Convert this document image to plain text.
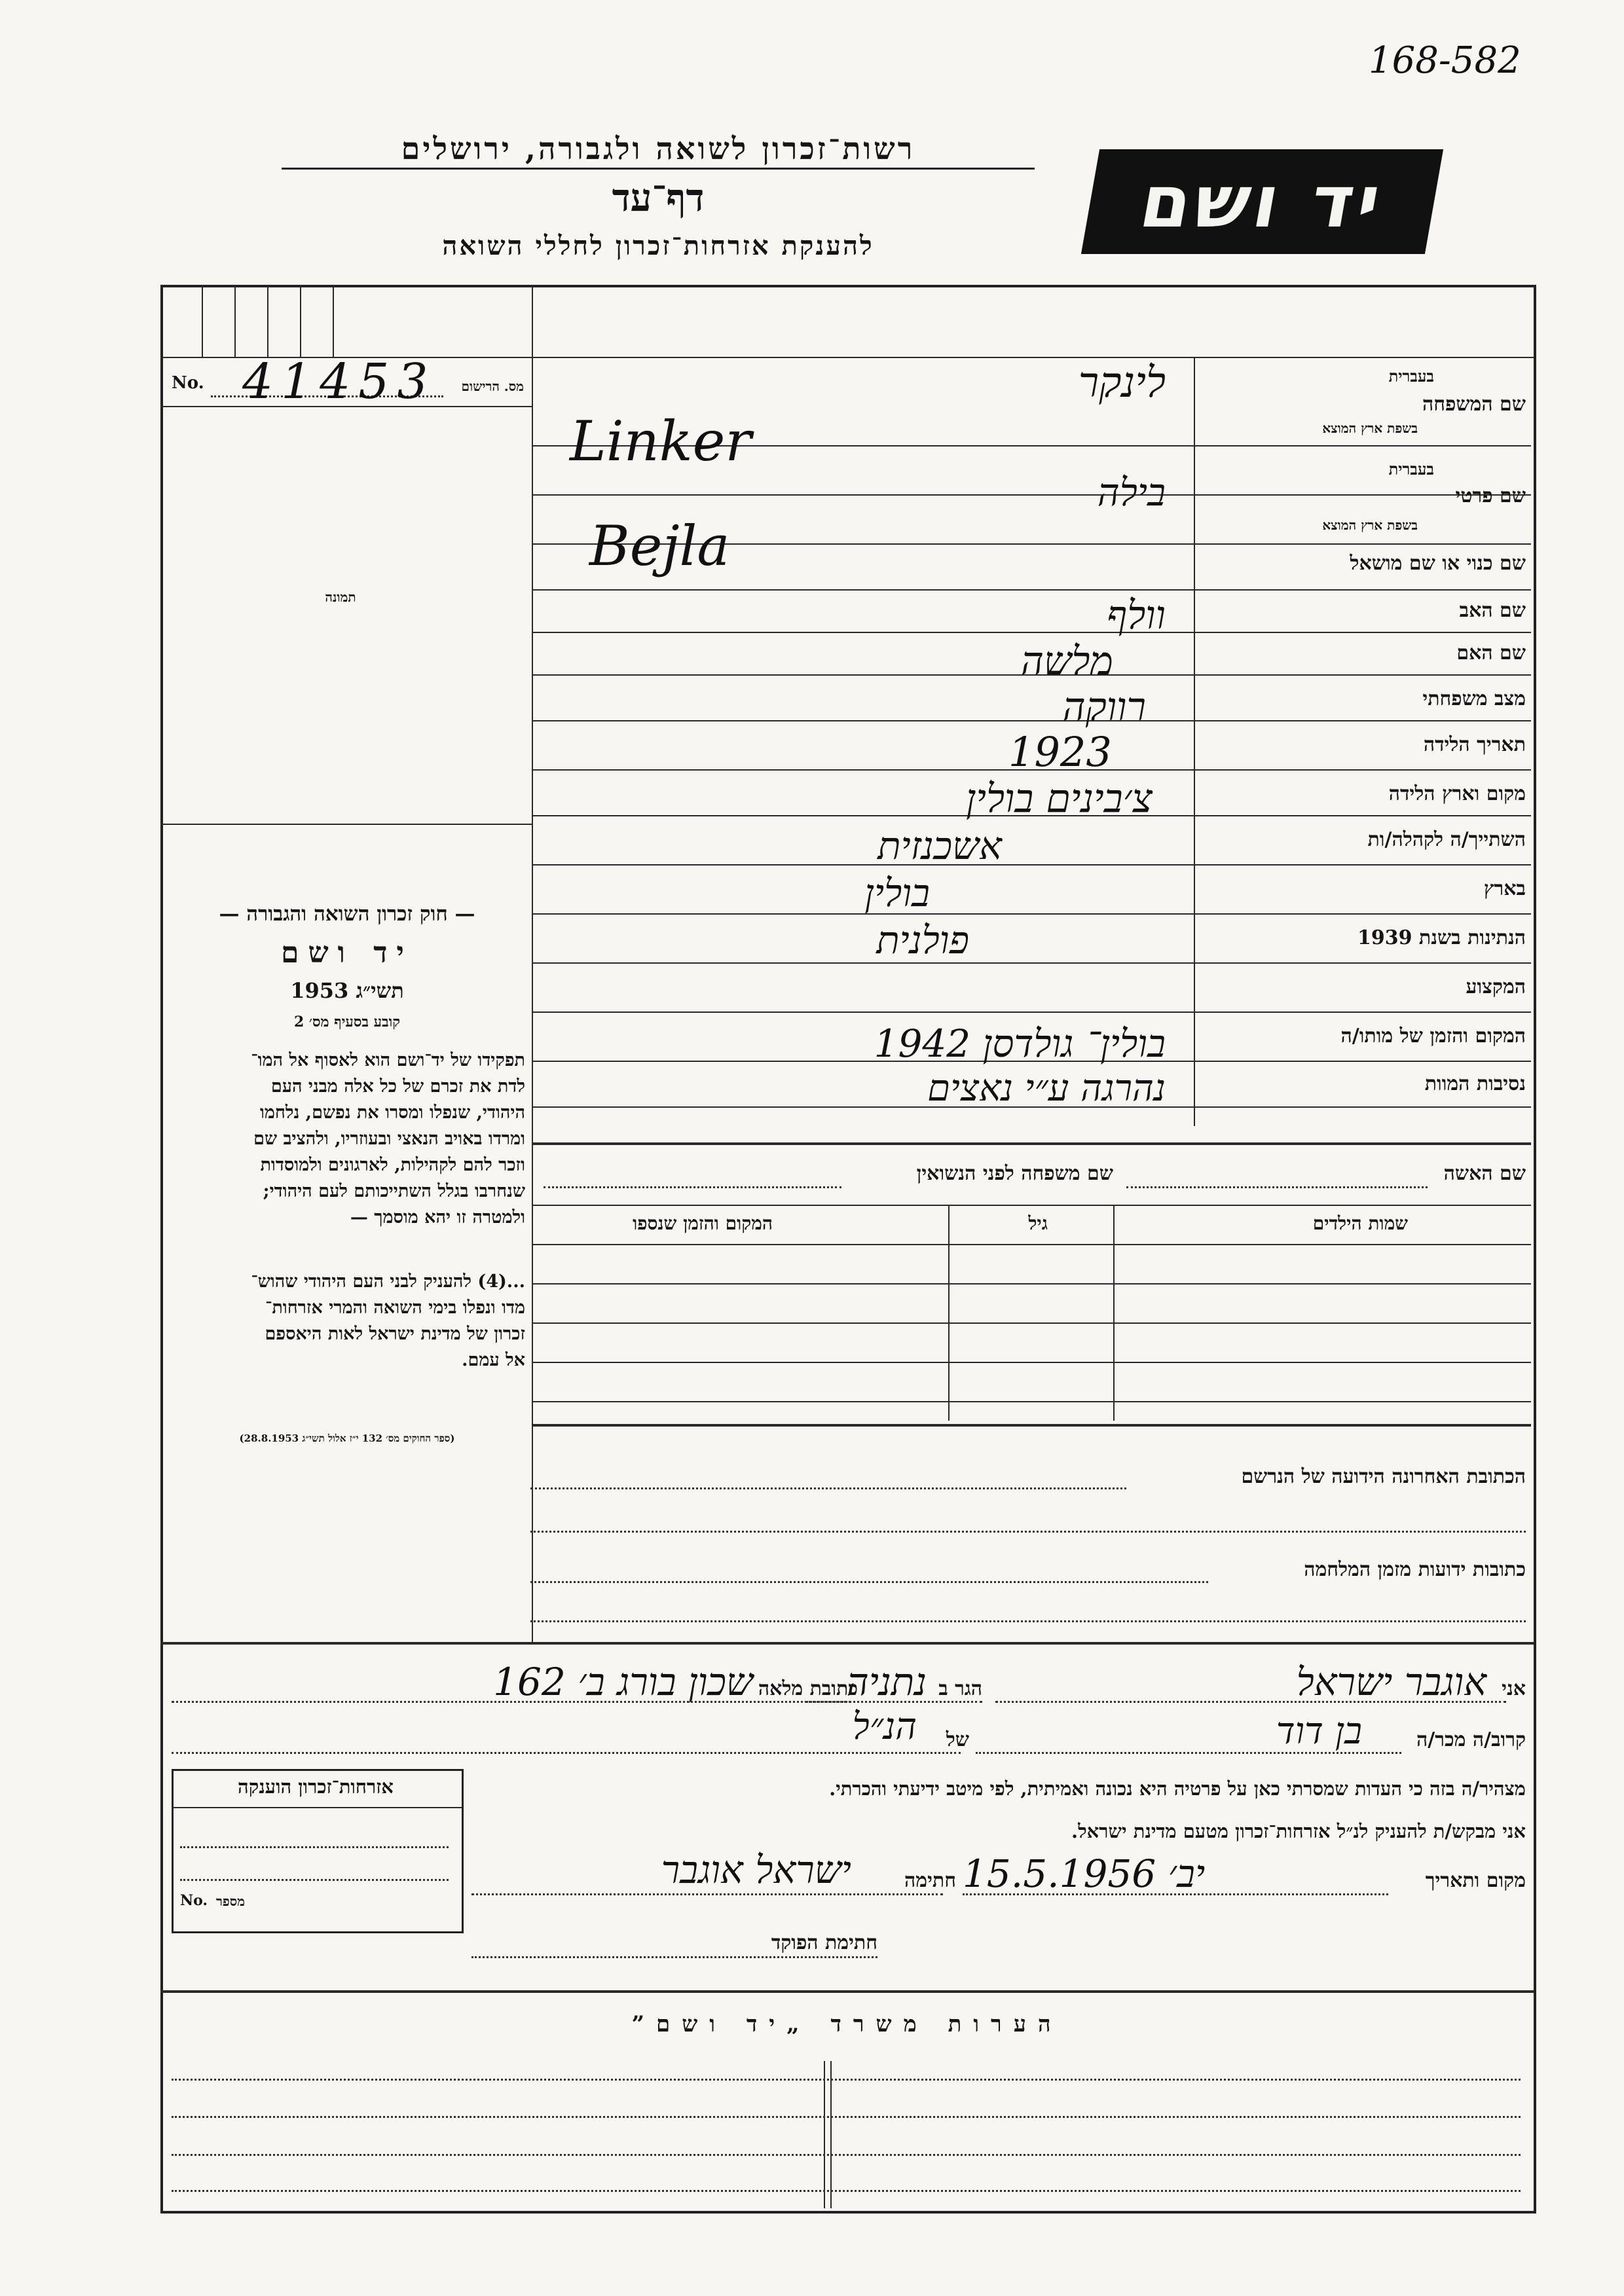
168-582
רשות־זכרון לשואה ולגבורה, ירושלים
דף־עד
להענקת אזרחות־זכרון לחללי השואה
יד ושם
No. 41453 מס. הרישום
תמונה
— חוק זכרון השואה והגבורה —
יד ושם
תשי״ג 1953
קובע בסעיף מס׳ 2
תפקידו של יד־ושם הוא לאסוף אל המו־
לדת את זכרם של כל אלה מבני העם
היהודי, שנפלו ומסרו את נפשם, נלחמו
ומרדו באויב הנאצי ובעוזריו, ולהציב שם
וזכר להם לקהילות, לארגונים ולמוסדות
שנחרבו בגלל השתייכותם לעם היהודי;
ולמטרה זו יהא מוסמך —
...(4) להעניק לבני העם היהודי שהוש־
מדו ונפלו בימי השואה והמרי אזרחות־
זכרון של מדינת ישראל לאות היאספם
אל עמם.
(ספר החוקים מס׳ 132 י״ז אלול תשי״ג 28.8.1953)
שם המשפחה
בעברית
בשפת ארץ המוצא
שם פרטי
בעברית
בשפת ארץ המוצא
שם כנוי או שם מושאל
שם האב
שם האם
מצב משפחתי
תאריך הלידה
מקום וארץ הלידה
השתייך/ה לקהלה/ות
בארץ
הנתינות בשנת 1939
המקצוע
המקום והזמן של מותו/ה
נסיבות המוות
לינקר
Linker
בילה
Bejla
וולף
מלשה
רווקה
1923
צ׳בינים בולין
אשכנזית
בולין
פולנית
בולין־ גולדסן 1942
נהרגה ע״י נאצים
שם האשה
שם משפחה לפני הנשואין
שמות הילדים
גיל
המקום והזמן שנספו
הכתובת האחרונה הידועה של הנרשם
כתובות ידועות מזמן המלחמה
אני
אוגבר ישראל
הגר ב
נתניה
כתובת מלאה
שכון בורג ב׳ 162
קרוב/ה מכר/ה
בן דוד
של
הנ״ל
מצהיר/ה בזה כי העדות שמסרתי כאן על פרטיה היא נכונה ואמיתית, לפי מיטב ידיעתי והכרתי.
אני מבקש/ת להעניק לנ״ל אזרחות־זכרון מטעם מדינת ישראל.
מקום ותאריך
יב׳ 15.5.1956
חתימה
ישראל אוגבר
חתימת הפוקד
אזרחות־זכרון הוענקה
No. מספר
הערות משרד „יד ושם”
